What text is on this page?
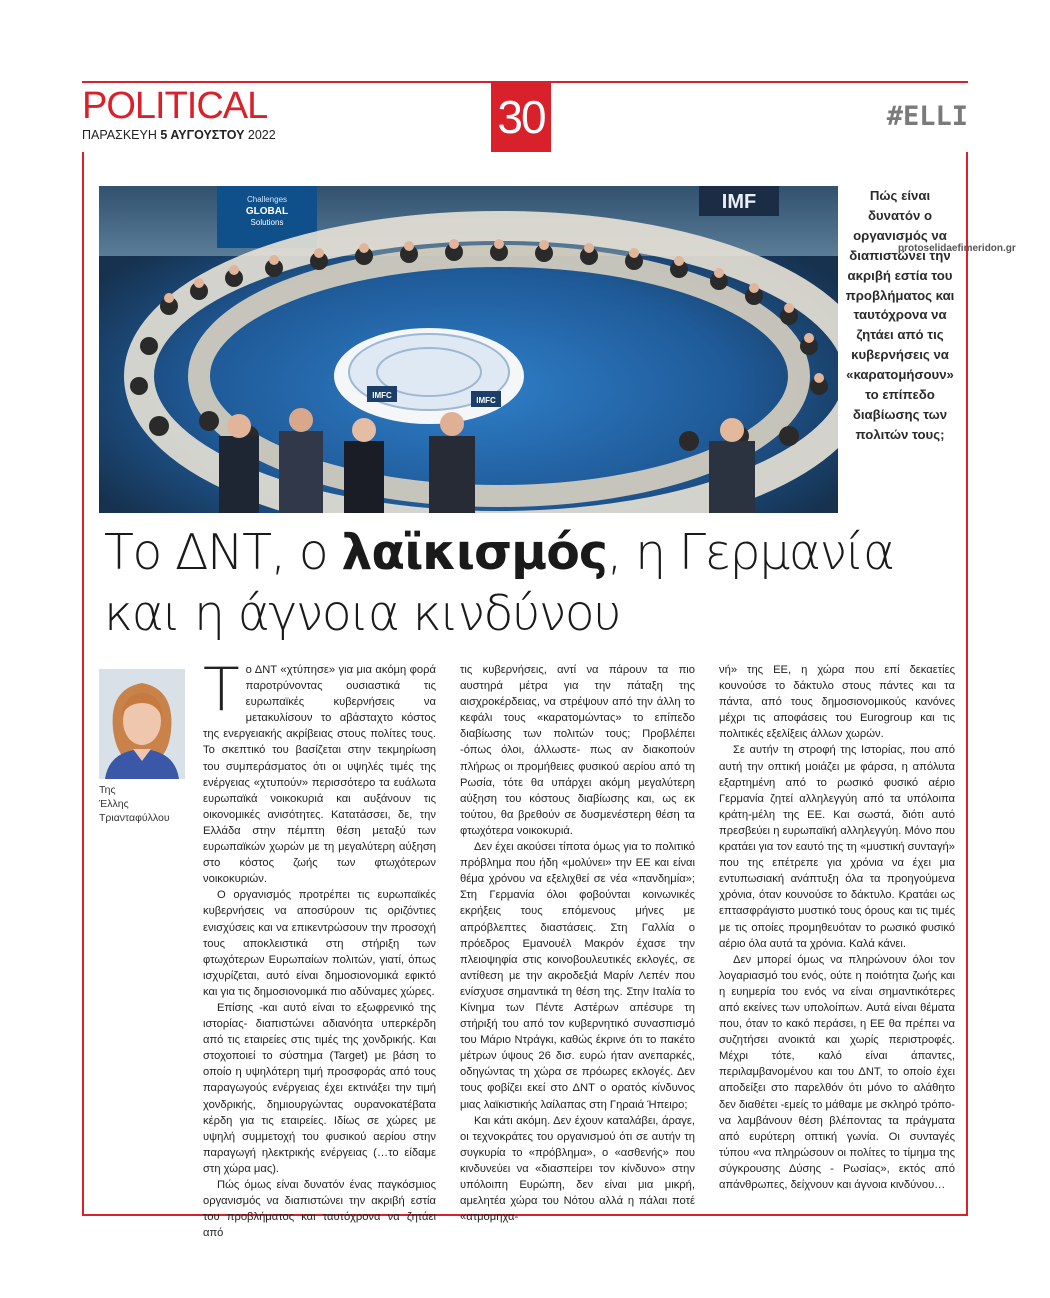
POLITICAL
ΠΑΡΑΣΚΕΥΗ 5 ΑΥΓΟΥΣΤΟΥ 2022	30	#ELLI
Challenges
GLOBAL
Solutions
IMF
IMFC
IMFC
protoselidaefimeridon.gr
Πώς είναι δυνατόν ο οργανισμός να διαπιστώνει την ακριβή εστία του προβλήματος και ταυτόχρονα να ζητάει από τις κυβερνήσεις να «καρατομήσουν» το επίπεδο διαβίωσης των πολιτών τους;
Το ΔΝΤ, ο λαϊκισμός, η Γερμανία
και η άγνοια κινδύνου
Της
Έλλης Τριανταφύλλου
Τ ο ΔΝΤ «χτύπησε» για μια ακόμη φορά παροτρύνοντας ουσιαστικά τις ευρωπαϊκές κυβερνήσεις να μετακυλίσουν το αβάσταχτο κόστος της ενεργειακής ακρίβειας στους πολίτες τους. Το σκεπτικό του βασίζεται στην τεκμηρίωση του συμπεράσματος ότι οι υψηλές τιμές της ενέργειας «χτυπούν» περισσότερο τα ευάλωτα ευρωπαϊκά νοικοκυριά και αυξάνουν τις οικονομικές ανισότητες. Κατατάσσει, δε, την Ελλάδα στην πέμπτη θέση μεταξύ των ευρωπαϊκών χωρών με τη μεγαλύτερη αύξηση στο κόστος ζωής των φτωχότερων νοικοκυριών.

Ο οργανισμός προτρέπει τις ευρωπαϊκές κυβερνήσεις να αποσύρουν τις οριζόντιες ενισχύσεις και να επικεντρώσουν την προσοχή τους αποκλειστικά στη στήριξη των φτωχότερων Ευρωπαίων πολιτών, γιατί, όπως ισχυρίζεται, αυτό είναι δημοσιονομικά εφικτό και για τις δημοσιονομικά πιο αδύναμες χώρες.

Επίσης -και αυτό είναι το εξωφρενικό της ιστορίας- διαπιστώνει αδιανόητα υπερκέρδη από τις εταιρείες στις τιμές της χονδρικής. Και στοχοποιεί το σύστημα (Target) με βάση το οποίο η υψηλότερη τιμή προσφοράς από τους παραγωγούς ενέργειας έχει εκτινάξει την τιμή χονδρικής, δημιουργώντας ουρανοκατέβατα κέρδη για τις εταιρείες. Ιδίως σε χώρες με υψηλή συμμετοχή του φυσικού αερίου στην παραγωγή ηλεκτρικής ενέργειας (…το είδαμε στη χώρα μας).

Πώς όμως είναι δυνατόν ένας παγκόσμιος οργανισμός να διαπιστώνει την ακριβή εστία του προβλήματος και ταυτόχρονα να ζητάει από

τις κυβερνήσεις, αντί να πάρουν τα πιο αυστηρά μέτρα για την πάταξη της αισχροκέρδειας, να στρέψουν από την άλλη το κεφάλι τους «καρατομώντας» το επίπεδο διαβίωσης των πολιτών τους; Προβλέπει -όπως όλοι, άλλωστε- πως αν διακοπούν πλήρως οι προμήθειες φυσικού αερίου από τη Ρωσία, τότε θα υπάρχει ακόμη μεγαλύτερη αύξηση του κόστους διαβίωσης και, ως εκ τούτου, θα βρεθούν σε δυσμενέστερη θέση τα φτωχότερα νοικοκυριά.

Δεν έχει ακούσει τίποτα όμως για το πολιτικό πρόβλημα που ήδη «μολύνει» την ΕΕ και είναι θέμα χρόνου να εξελιχθεί σε νέα «πανδημία»; Στη Γερμανία όλοι φοβούνται κοινωνικές εκρήξεις τους επόμενους μήνες με απρόβλεπτες διαστάσεις. Στη Γαλλία ο πρόεδρος Εμανουέλ Μακρόν έχασε την πλειοψηφία στις κοινοβουλευτικές εκλογές, σε αντίθεση με την ακροδεξιά Μαρίν Λεπέν που ενίσχυσε σημαντικά τη θέση της. Στην Ιταλία το Κίνημα των Πέντε Αστέρων απέσυρε τη στήριξή του από τον κυβερνητικό συνασπισμό του Μάριο Ντράγκι, καθώς έκρινε ότι το πακέτο μέτρων ύψους 26 δισ. ευρώ ήταν ανεπαρκές, οδηγώντας τη χώρα σε πρόωρες εκλογές. Δεν τους φοβίζει εκεί στο ΔΝΤ ο ορατός κίνδυνος μιας λαϊκιστικής λαίλαπας στη Γηραιά Ήπειρο;

Και κάτι ακόμη. Δεν έχουν καταλάβει, άραγε, οι τεχνοκράτες του οργανισμού ότι σε αυτήν τη συγκυρία το «πρόβλημα», ο «ασθενής» που κινδυνεύει να «διασπείρει τον κίνδυνο» στην υπόλοιπη Ευρώπη, δεν είναι μια μικρή, αμελητέα χώρα του Νότου αλλά η πάλαι ποτέ «ατμομηχα-

νή» της ΕΕ, η χώρα που επί δεκαετίες κουνούσε το δάκτυλο στους πάντες και τα πάντα, από τους δημοσιονομικούς κανόνες μέχρι τις αποφάσεις του Eurogroup και τις πολιτικές εξελίξεις άλλων χωρών.

Σε αυτήν τη στροφή της Ιστορίας, που από αυτή την οπτική μοιάζει με φάρσα, η απόλυτα εξαρτημένη από το ρωσικό φυσικό αέριο Γερμανία ζητεί αλληλεγγύη από τα υπόλοιπα κράτη-μέλη της ΕΕ. Και σωστά, διότι αυτό πρεσβεύει η ευρωπαϊκή αλληλεγγύη. Μόνο που κρατάει για τον εαυτό της τη «μυστική συνταγή» που της επέτρεπε για χρόνια να έχει μια εντυπωσιακή ανάπτυξη όλα τα προηγούμενα χρόνια, όταν κουνούσε το δάκτυλο. Κρατάει ως επτασφράγιστο μυστικό τους όρους και τις τιμές με τις οποίες προμηθευόταν το ρωσικό φυσικό αέριο όλα αυτά τα χρόνια. Καλά κάνει.

Δεν μπορεί όμως να πληρώνουν όλοι τον λογαριασμό του ενός, ούτε η ποιότητα ζωής και η ευημερία του ενός να είναι σημαντικότερες από εκείνες των υπολοίπων. Αυτά είναι θέματα που, όταν το κακό περάσει, η ΕΕ θα πρέπει να συζητήσει ανοικτά και χωρίς περιστροφές. Μέχρι τότε, καλό είναι άπαντες, περιλαμβανομένου και του ΔΝΤ, το οποίο έχει αποδείξει στο παρελθόν ότι μόνο το αλάθητο δεν διαθέτει -εμείς το μάθαμε με σκληρό τρόπο- να λαμβάνουν θέση βλέποντας τα πράγματα από ευρύτερη οπτική γωνία. Οι συνταγές τύπου «να πληρώσουν οι πολίτες το τίμημα της σύγκρουσης Δύσης - Ρωσίας», εκτός από απάνθρωπες, δείχνουν και άγνοια κινδύνου…
